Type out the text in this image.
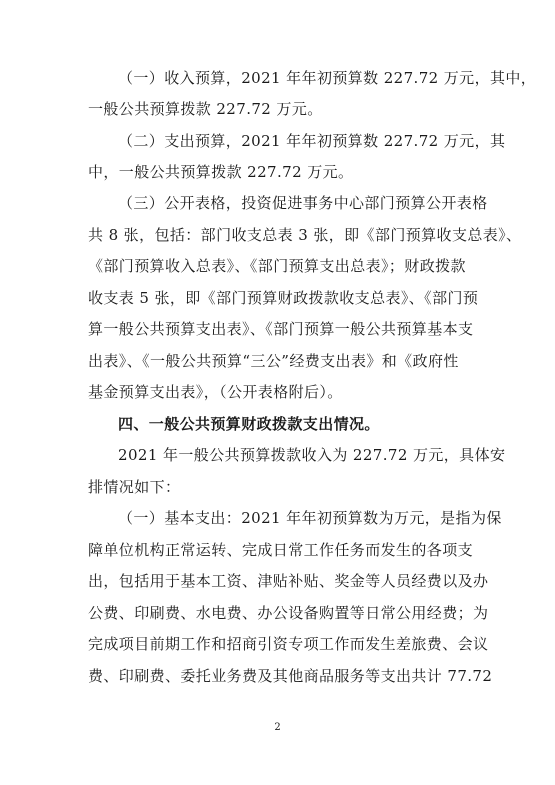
（一）收入预算，2021 年年初预算数 227.72 万元，其中，
一般公共预算拨款 227.72 万元。
（二）支出预算，2021 年年初预算数 227.72 万元，其
中，一般公共预算拨款 227.72 万元。
（三）公开表格，投资促进事务中心部门预算公开表格
共 8 张，包括：部门收支总表 3 张，即《部门预算收支总表》、
《部门预算收入总表》、《部门预算支出总表》；财政拨款
收支表 5 张，即《部门预算财政拨款收支总表》、《部门预
算一般公共预算支出表》、《部门预算一般公共预算基本支
出表》、《一般公共预算“三公”经费支出表》和《政府性
基金预算支出表》，（公开表格附后）。
四、一般公共预算财政拨款支出情况。
2021 年一般公共预算拨款收入为 227.72 万元，具体安
排情况如下：
（一）基本支出：2021 年年初预算数为万元，是指为保
障单位机构正常运转、完成日常工作任务而发生的各项支
出，包括用于基本工资、津贴补贴、奖金等人员经费以及办
公费、印刷费、水电费、办公设备购置等日常公用经费；为
完成项目前期工作和招商引资专项工作而发生差旅费、会议
费、印刷费、委托业务费及其他商品服务等支出共计 77.72
2
